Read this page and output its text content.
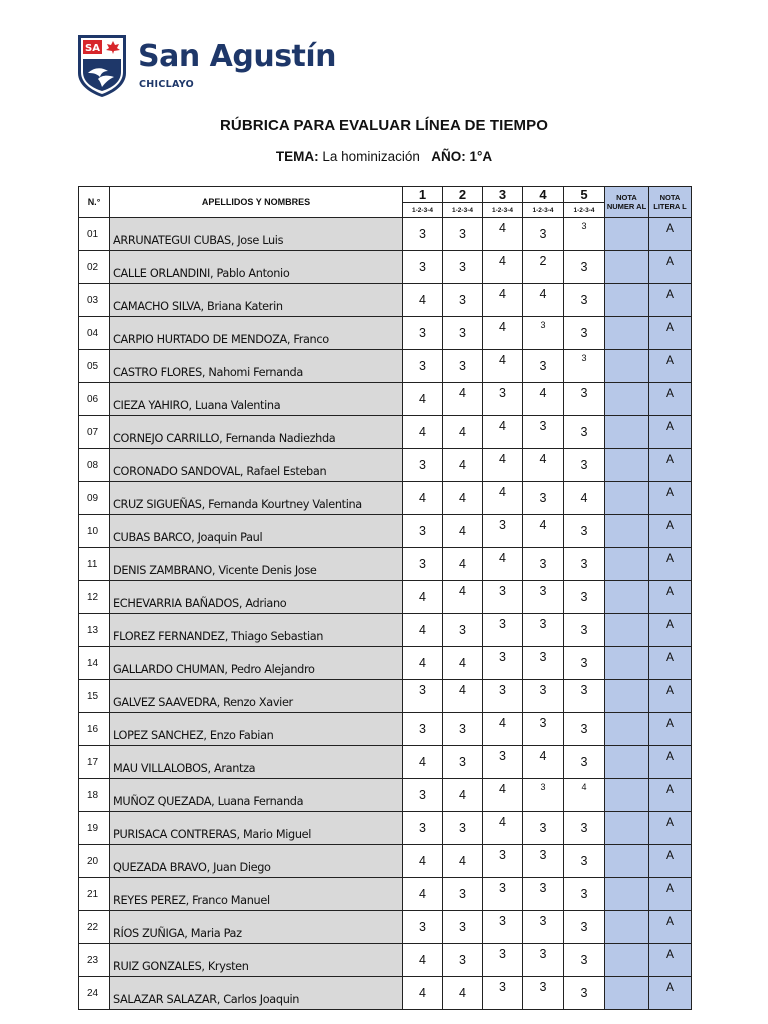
SA San Agustín
CHICLAYO
RÚBRICA PARA EVALUAR LÍNEA DE TIEMPO
TEMA: La hominización AÑO: 1°A
N.°	APELLIDOS Y NOMBRES	1	2	3	4	5	NOTA NUMER AL	NOTA LITERA L
		1-2-3-4	1-2-3-4	1-2-3-4	1-2-3-4	1-2-3-4		
01	ARRUNATEGUI CUBAS, Jose Luis	3	3	4	3	3		A
02	CALLE ORLANDINI, Pablo Antonio	3	3	4	2	3		A
03	CAMACHO SILVA, Briana Katerin	4	3	4	4	3		A
04	CARPIO HURTADO DE MENDOZA, Franco	3	3	4	3	3		A
05	CASTRO FLORES, Nahomi Fernanda	3	3	4	3	3		A
06	CIEZA YAHIRO, Luana Valentina	4	4	3	4	3		A
07	CORNEJO CARRILLO, Fernanda Nadiezhda	4	4	4	3	3		A
08	CORONADO SANDOVAL, Rafael Esteban	3	4	4	4	3		A
09	CRUZ SIGUEÑAS, Fernanda Kourtney Valentina	4	4	4	3	4		A
10	CUBAS BARCO, Joaquin Paul	3	4	3	4	3		A
11	DENIS ZAMBRANO, Vicente Denis Jose	3	4	4	3	3		A
12	ECHEVARRIA BAÑADOS, Adriano	4	4	3	3	3		A
13	FLOREZ FERNANDEZ, Thiago Sebastian	4	3	3	3	3		A
14	GALLARDO CHUMAN, Pedro Alejandro	4	4	3	3	3		A
15	GALVEZ SAAVEDRA, Renzo Xavier	3	4	3	3	3		A
16	LOPEZ SANCHEZ, Enzo Fabian	3	3	4	3	3		A
17	MAU VILLALOBOS, Arantza	4	3	3	4	3		A
18	MUÑOZ QUEZADA, Luana Fernanda	3	4	4	3	4		A
19	PURISACA CONTRERAS, Mario Miguel	3	3	4	3	3		A
20	QUEZADA BRAVO, Juan Diego	4	4	3	3	3		A
21	REYES PEREZ, Franco Manuel	4	3	3	3	3		A
22	RÍOS ZUÑIGA, Maria Paz	3	3	3	3	3		A
23	RUIZ GONZALES, Krysten	4	3	3	3	3		A
24	SALAZAR SALAZAR, Carlos Joaquin	4	4	3	3	3		A
